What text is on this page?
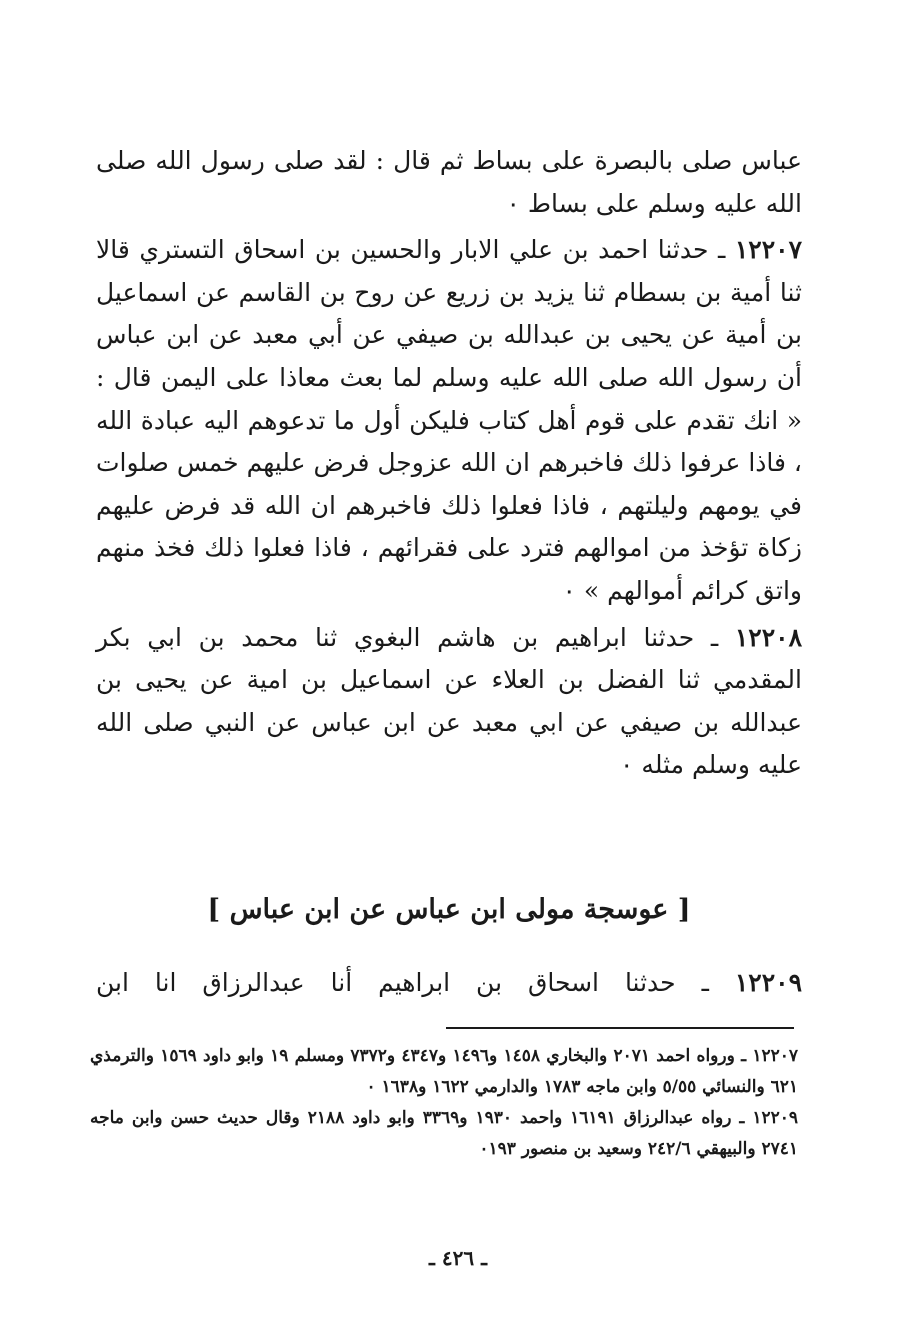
عباس صلى بالبصرة على بساط ثم قال : لقد صلى رسول الله صلى الله عليه وسلم على بساط ٠

١٢٢٠٧ ـ حدثنا احمد بن علي الابار والحسين بن اسحاق التستري قالا ثنا أمية بن بسطام ثنا يزيد بن زريع عن روح بن القاسم عن اسماعيل بن أمية عن يحيى بن عبدالله بن صيفي عن أبي معبد عن ابن عباس أن رسول الله صلى الله عليه وسلم لما بعث معاذا على اليمن قال : « انك تقدم على قوم أهل كتاب فليكن أول ما تدعوهم اليه عبادة الله ، فاذا عرفوا ذلك فاخبرهم ان الله عزوجل فرض عليهم خمس صلوات في يومهم وليلتهم ، فاذا فعلوا ذلك فاخبرهم ان الله قد فرض عليهم زكاة تؤخذ من اموالهم فترد على فقرائهم ، فاذا فعلوا ذلك فخذ منهم واتق كرائم أموالهم » ٠

١٢٢٠٨ ـ حدثنا ابراهيم بن هاشم البغوي ثنا محمد بن ابي بكر المقدمي ثنا الفضل بن العلاء عن اسماعيل بن امية عن يحيى بن عبدالله بن صيفي عن ابي معبد عن ابن عباس عن النبي صلى الله عليه وسلم مثله ٠

[ عوسجة مولى ابن عباس عن ابن عباس ]
١٢٢٠٩ ـ حدثنا اسحاق بن ابراهيم أنا عبدالرزاق انا ابن

١٢٢٠٧ ـ ورواه احمد ٢٠٧١ والبخاري ١٤٥٨ و١٤٩٦ و٤٣٤٧ و٧٣٧٢ ومسلم ١٩ وابو داود ١٥٦٩ والترمذي ٦٢١ والنسائي ٥/٥٥ وابن ماجه ١٧٨٣ والدارمي ١٦٢٢ و١٦٣٨ ٠

١٢٢٠٩ ـ رواه عبدالرزاق ١٦١٩١ واحمد ١٩٣٠ و٣٣٦٩ وابو داود ٢١٨٨ وقال حديث حسن وابن ماجه ٢٧٤١ والبيهقي ٢٤٢/٦ وسعيد بن منصور ٠١٩٣

ـ ٤٢٦ ـ
